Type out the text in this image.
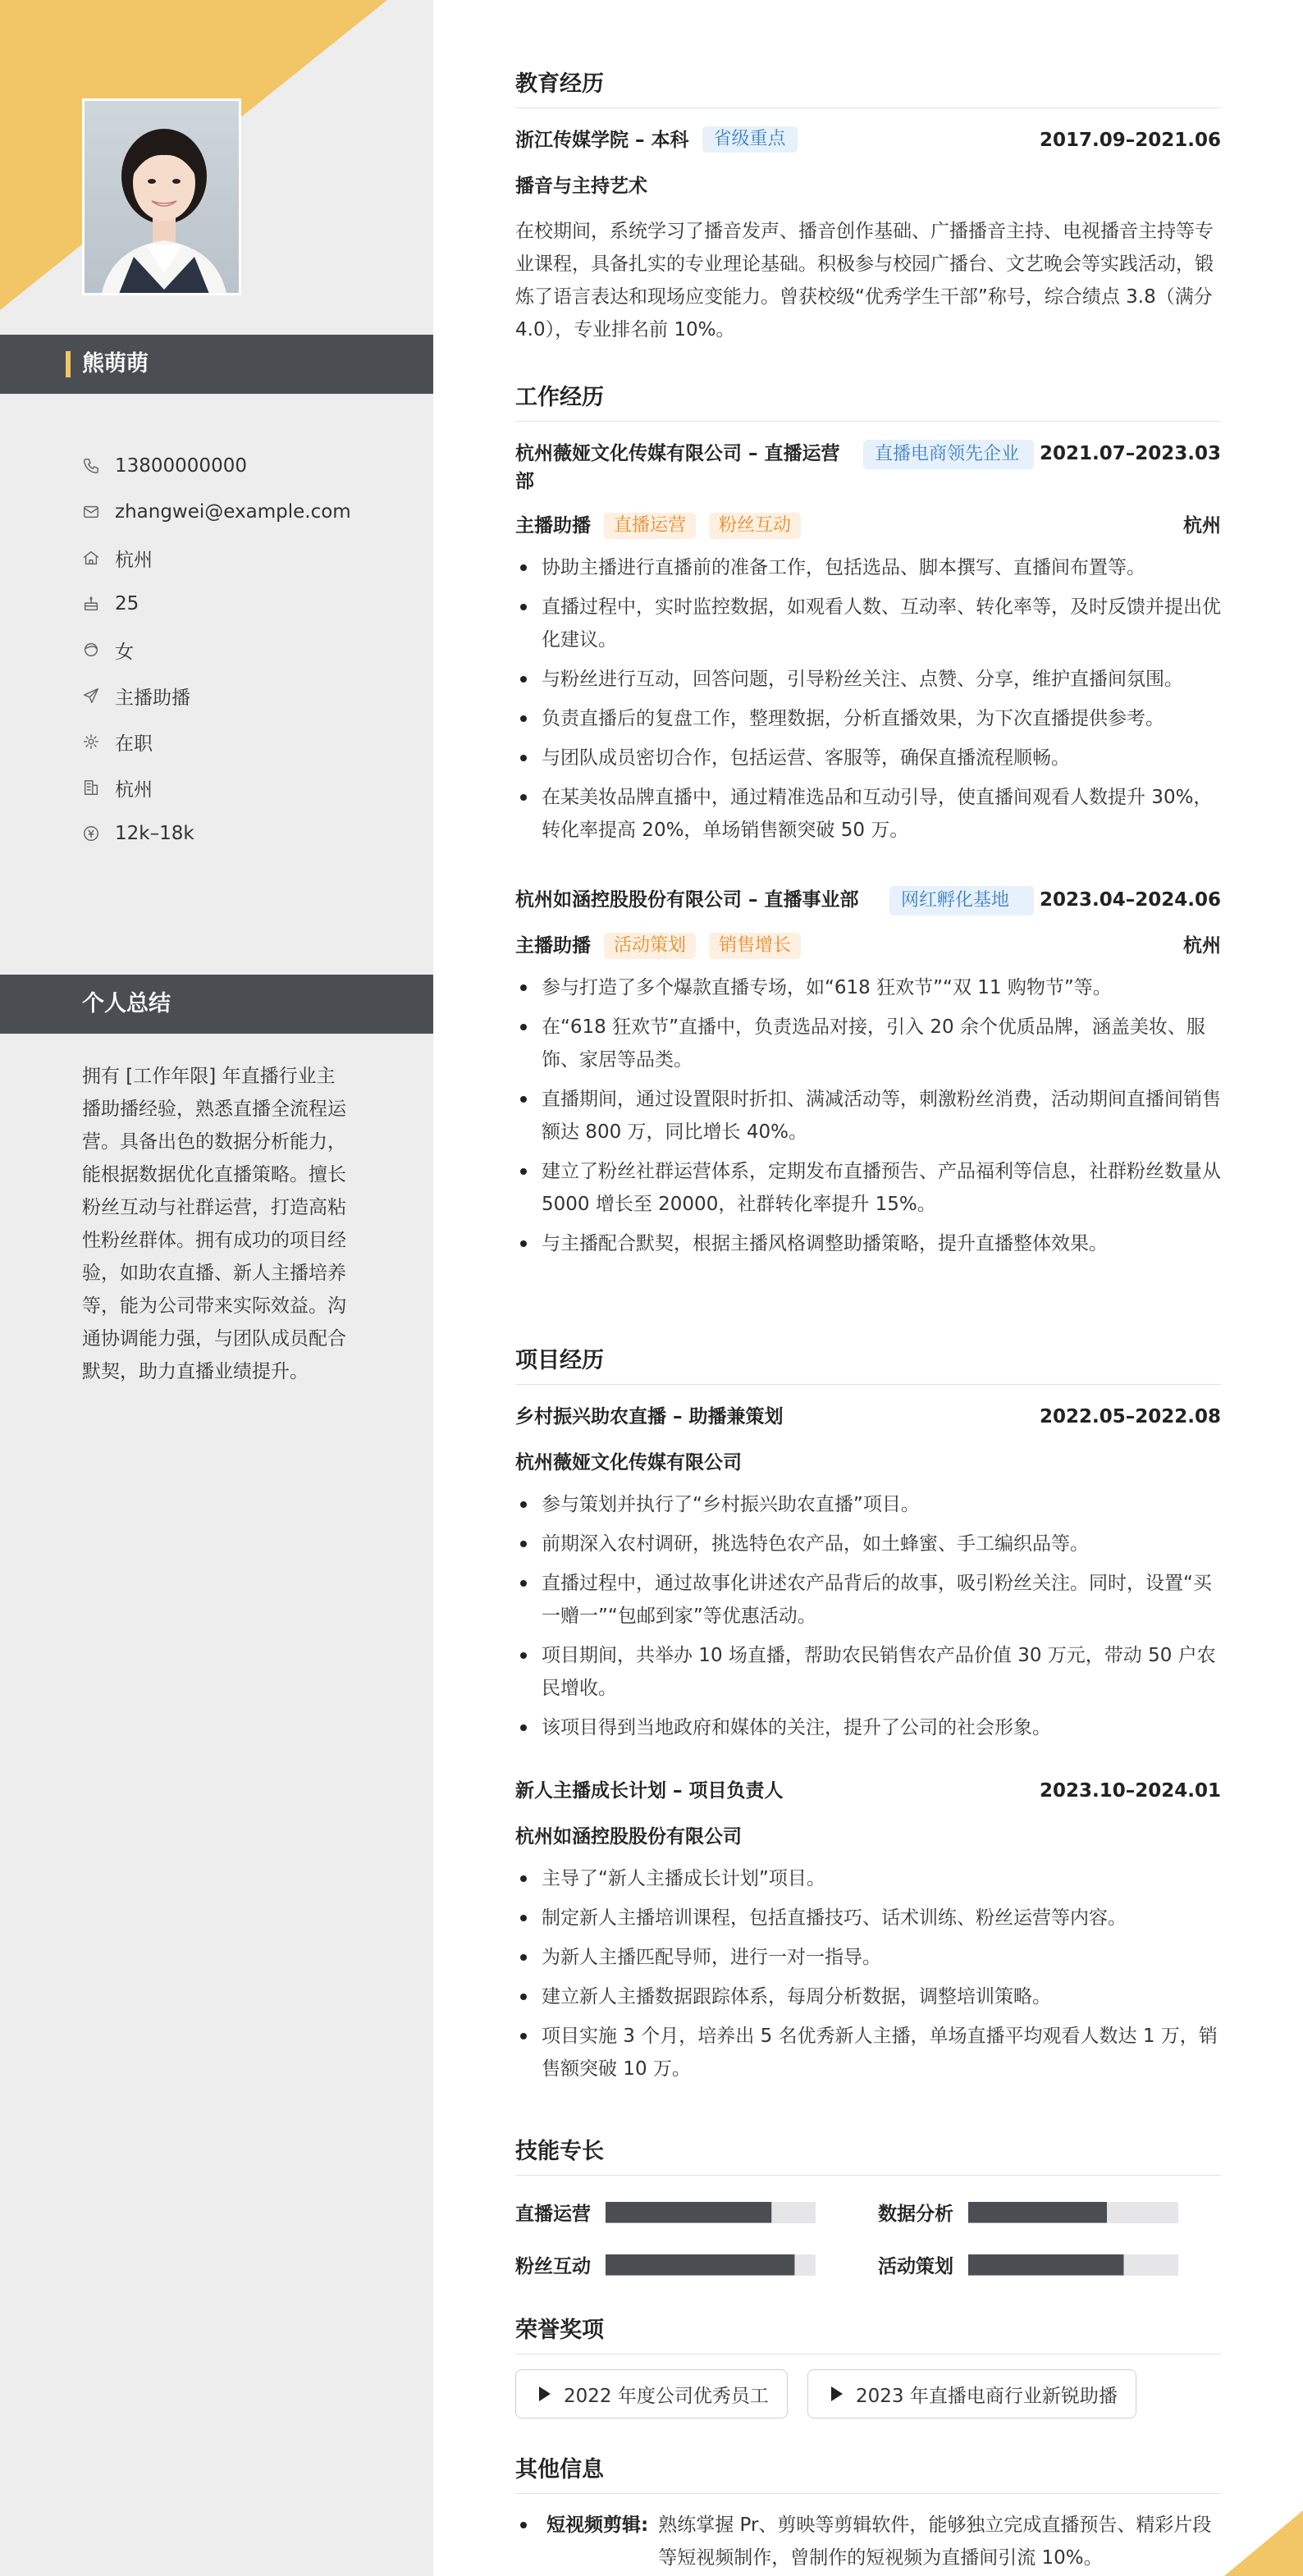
熊萌萌
13800000000
zhangwei@example.com
杭州
25
女
主播助播
在职
杭州
12k–18k
个人总结
拥有 [工作年限] 年直播行业主播助播经验，熟悉直播全流程运营。具备出色的数据分析能力，能根据数据优化直播策略。擅长粉丝互动与社群运营，打造高粘性粉丝群体。拥有成功的项目经验，如助农直播、新人主播培养等，能为公司带来实际效益。沟通协调能力强，与团队成员配合默契，助力直播业绩提升。
教育经历
浙江传媒学院 – 本科	省级重点	2017.09–2021.06
播音与主持艺术
在校期间，系统学习了播音发声、播音创作基础、广播播音主持、电视播音主持等专业课程，具备扎实的专业理论基础。积极参与校园广播台、文艺晚会等实践活动，锻炼了语言表达和现场应变能力。曾获校级“优秀学生干部”称号，综合绩点 3.8（满分 4.0），专业排名前 10%。
工作经历
杭州薇娅文化传媒有限公司 – 直播运营部
直播电商领先企业	2021.07–2023.03
主播助播	直播运营	粉丝互动	杭州
协助主播进行直播前的准备工作，包括选品、脚本撰写、直播间布置等。
直播过程中，实时监控数据，如观看人数、互动率、转化率等，及时反馈并提出优化建议。
与粉丝进行互动，回答问题，引导粉丝关注、点赞、分享，维护直播间氛围。
负责直播后的复盘工作，整理数据，分析直播效果，为下次直播提供参考。
与团队成员密切合作，包括运营、客服等，确保直播流程顺畅。
在某美妆品牌直播中，通过精准选品和互动引导，使直播间观看人数提升 30%，转化率提高 20%，单场销售额突破 50 万。
杭州如涵控股股份有限公司 – 直播事业部	网红孵化基地	2023.04–2024.06
主播助播	活动策划	销售增长	杭州
参与打造了多个爆款直播专场，如“618 狂欢节”“双 11 购物节”等。
在“618 狂欢节”直播中，负责选品对接，引入 20 余个优质品牌，涵盖美妆、服饰、家居等品类。
直播期间，通过设置限时折扣、满减活动等，刺激粉丝消费，活动期间直播间销售额达 800 万，同比增长 40%。
建立了粉丝社群运营体系，定期发布直播预告、产品福利等信息，社群粉丝数量从 5000 增长至 20000，社群转化率提升 15%。
与主播配合默契，根据主播风格调整助播策略，提升直播整体效果。
项目经历
乡村振兴助农直播 – 助播兼策划	2022.05–2022.08
杭州薇娅文化传媒有限公司
参与策划并执行了“乡村振兴助农直播”项目。
前期深入农村调研，挑选特色农产品，如土蜂蜜、手工编织品等。
直播过程中，通过故事化讲述农产品背后的故事，吸引粉丝关注。同时，设置“买一赠一”“包邮到家”等优惠活动。
项目期间，共举办 10 场直播，帮助农民销售农产品价值 30 万元，带动 50 户农民增收。
该项目得到当地政府和媒体的关注，提升了公司的社会形象。
新人主播成长计划 – 项目负责人	2023.10–2024.01
杭州如涵控股股份有限公司
主导了“新人主播成长计划”项目。
制定新人主播培训课程，包括直播技巧、话术训练、粉丝运营等内容。
为新人主播匹配导师，进行一对一指导。
建立新人主播数据跟踪体系，每周分析数据，调整培训策略。
项目实施 3 个月，培养出 5 名优秀新人主播，单场直播平均观看人数达 1 万，销售额突破 10 万。
技能专长
直播运营	数据分析
粉丝互动	活动策划
荣誉奖项
2022 年度公司优秀员工	2023 年直播电商行业新锐助播
其他信息
短视频剪辑: 熟练掌握 Pr、剪映等剪辑软件，能够独立完成直播预告、精彩片段等短视频制作，曾制作的短视频为直播间引流 10%。
